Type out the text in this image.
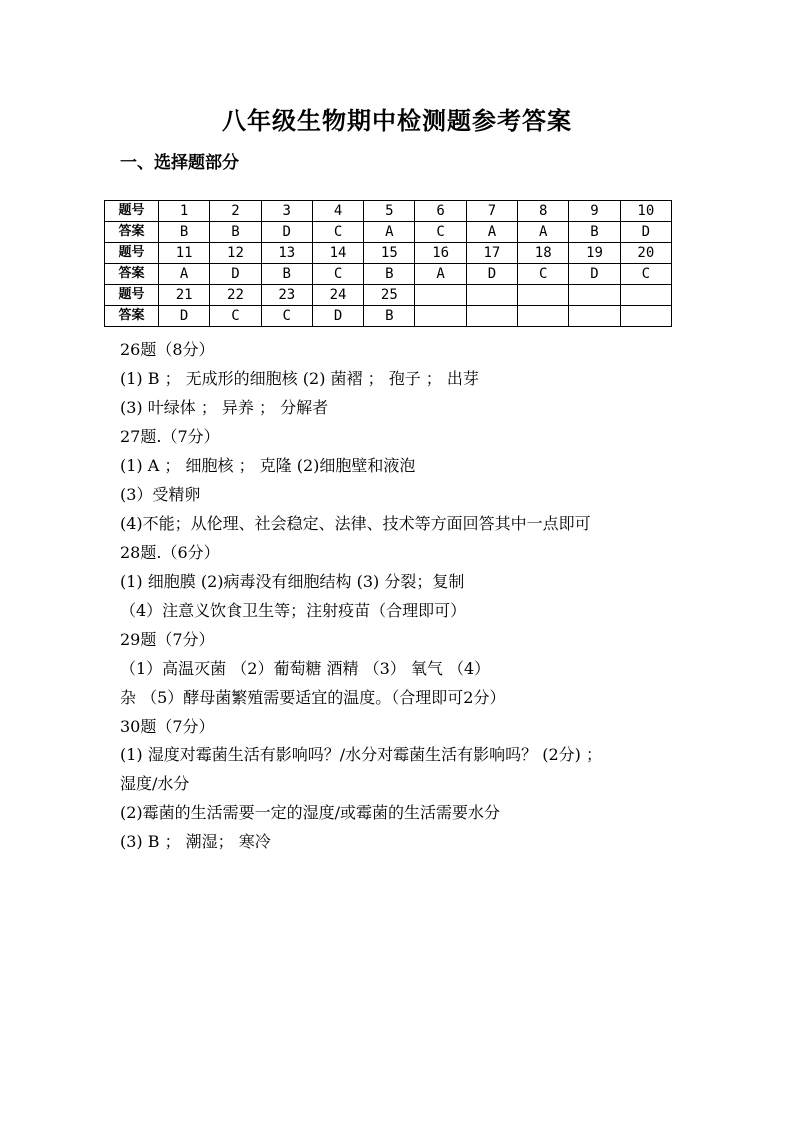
八年级生物期中检测题参考答案
一、选择题部分
题号	1	2	3	4	5	6	7	8	9	10
答案	B	B	D	C	A	C	A	A	B	D
题号	11	12	13	14	15	16	17	18	19	20
答案	A	D	B	C	B	A	D	C	D	C
题号	21	22	23	24	25					
答案	D	C	C	D	B					
26题（8分）
(1) B ； 无成形的细胞核 (2) 菌褶 ； 孢子 ； 出芽
(3) 叶绿体 ； 异养 ； 分解者
27题.（7分）
(1) A ； 细胞核 ； 克隆 (2)细胞壁和液泡
(3）受精卵
(4)不能；从伦理、社会稳定、法律、技术等方面回答其中一点即可
28题.（6分）
(1) 细胞膜 (2)病毒没有细胞结构 (3) 分裂；复制
（4）注意义饮食卫生等；注射疫苗（合理即可）
29题（7分）
（1）高温灭菌 （2）葡萄糖 酒精 （3） 氧气 （4）
杂 （5）酵母菌繁殖需要适宜的温度。（合理即可2分）
30题（7分）
(1) 湿度对霉菌生活有影响吗？/水分对霉菌生活有影响吗？ (2分) ；
湿度/水分
(2)霉菌的生活需要一定的湿度/或霉菌的生活需要水分
(3) B ； 潮湿； 寒冷
